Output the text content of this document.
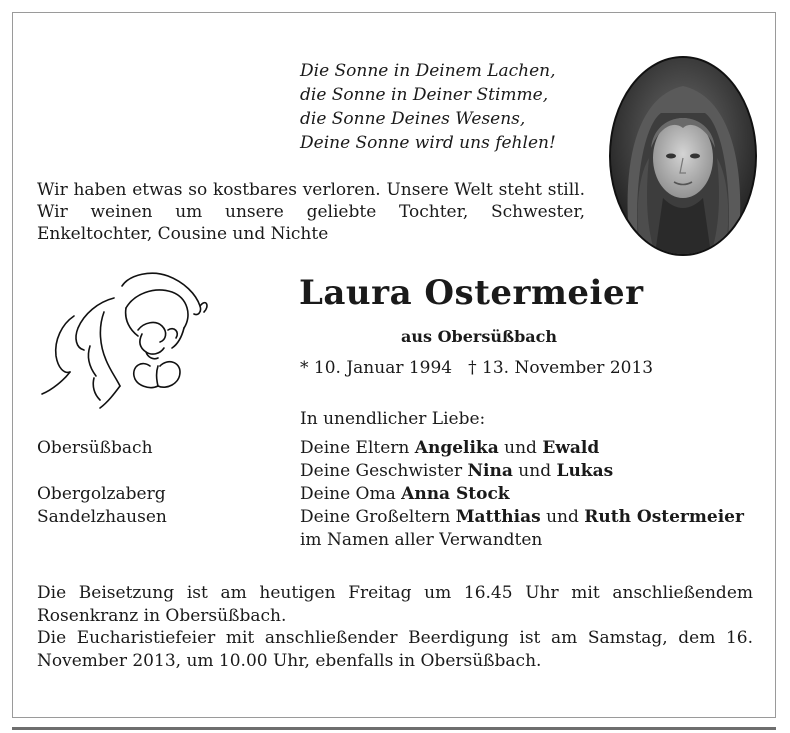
Die Sonne in Deinem Lachen,
die Sonne in Deiner Stimme,
die Sonne Deines Wesens,
Deine Sonne wird uns fehlen!
Wir haben etwas so kostbares verloren. Unsere Welt steht still. Wir weinen um unsere geliebte Tochter, Schwester, Enkeltochter, Cousine und Nichte
Laura Ostermeier
aus Obersüßbach
* 10. Januar 1994 † 13. November 2013
In unendlicher Liebe:
Obersüßbach
Obergolzaberg
Sandelzhausen
Deine Eltern Angelika und Ewald
Deine Geschwister Nina und Lukas
Deine Oma Anna Stock
Deine Großeltern Matthias und Ruth Ostermeier
im Namen aller Verwandten

Die Beisetzung ist am heutigen Freitag um 16.45 Uhr mit anschließendem Rosenkranz in Obersüßbach.

Die Eucharistiefeier mit anschließender Beerdigung ist am Samstag, dem 16. November 2013, um 10.00 Uhr, ebenfalls in Obersüßbach.
